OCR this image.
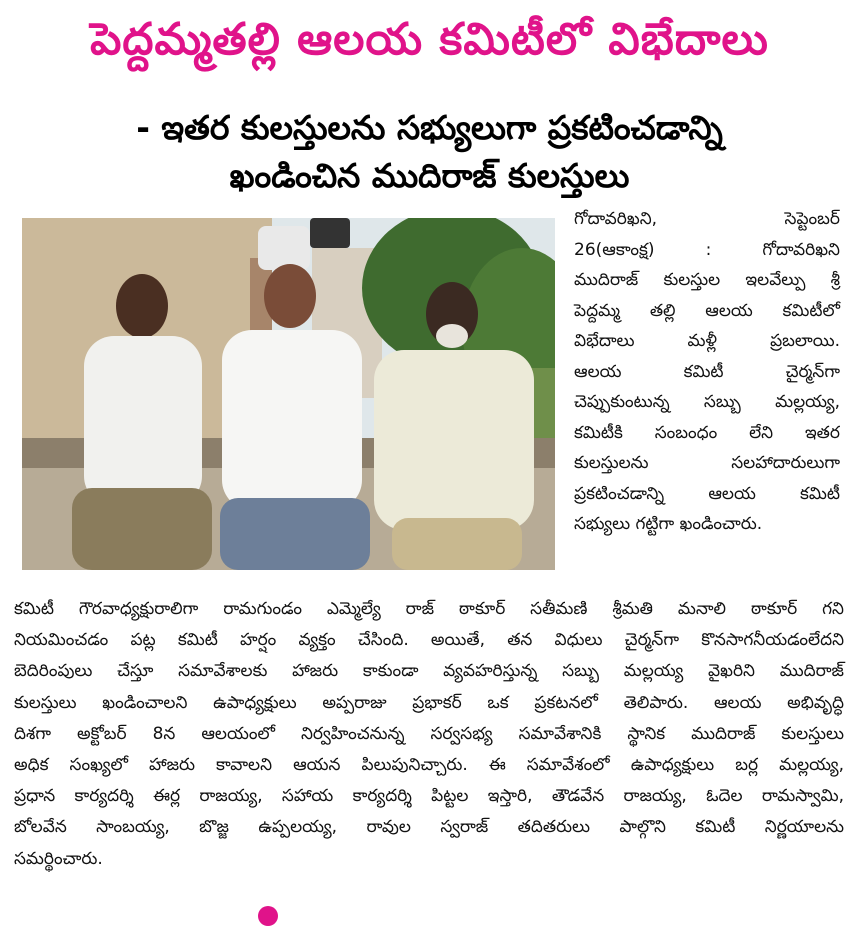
పెద్దమ్మతల్లి ఆలయ కమిటీలో విభేదాలు
- ఇతర కులస్తులను సభ్యులుగా ప్రకటించడాన్ని
ఖండించిన ముదిరాజ్ కులస్తులు

గోదావరిఖని, సెప్టెంబర్

26(ఆకాంక్ష) : గోదావరిఖని

ముదిరాజ్ కులస్తుల ఇలవేల్పు శ్రీ

పెద్దమ్మ తల్లి ఆలయ కమిటీలో

విభేదాలు మళ్లీ ప్రబలాయి.

ఆలయ కమిటీ చైర్మన్‌గా

చెప్పుకుంటున్న సబ్బు మల్లయ్య,

కమిటీకి సంబంధం లేని ఇతర

కులస్తులను సలహాదారులుగా

ప్రకటించడాన్ని ఆలయ కమిటీ

సభ్యులు గట్టిగా ఖండించారు.

కమిటీ గౌరవాధ్యక్షురాలిగా రామగుండం ఎమ్మెల్యే రాజ్ ఠాకూర్ సతీమణి శ్రీమతి మనాలి ఠాకూర్ గని

నియమించడం పట్ల కమిటీ హర్షం వ్యక్తం చేసింది. అయితే, తన విధులు చైర్మన్‌గా కొనసాగనీయడంలేదని

బెదిరింపులు చేస్తూ సమావేశాలకు హాజరు కాకుండా వ్యవహరిస్తున్న సబ్బు మల్లయ్య వైఖరిని ముదిరాజ్

కులస్తులు ఖండించాలని ఉపాధ్యక్షులు అప్పరాజు ప్రభాకర్ ఒక ప్రకటనలో తెలిపారు. ఆలయ అభివృద్ధి

దిశగా అక్టోబర్ 8న ఆలయంలో నిర్వహించనున్న సర్వసభ్య సమావేశానికి స్థానిక ముదిరాజ్ కులస్తులు

అధిక సంఖ్యలో హాజరు కావాలని ఆయన పిలుపునిచ్చారు. ఈ సమావేశంలో ఉపాధ్యక్షులు బర్ల మల్లయ్య,

ప్రధాన కార్యదర్శి ఈర్ల రాజయ్య, సహాయ కార్యదర్శి పిట్టల ఇస్తారి, తౌడవేన రాజయ్య, ఓదెల రామస్వామి,

బోలవేన సాంబయ్య, బొజ్జ ఉప్పలయ్య, రావుల స్వరాజ్ తదితరులు పాల్గొని కమిటీ నిర్ణయాలను

సమర్థించారు.
